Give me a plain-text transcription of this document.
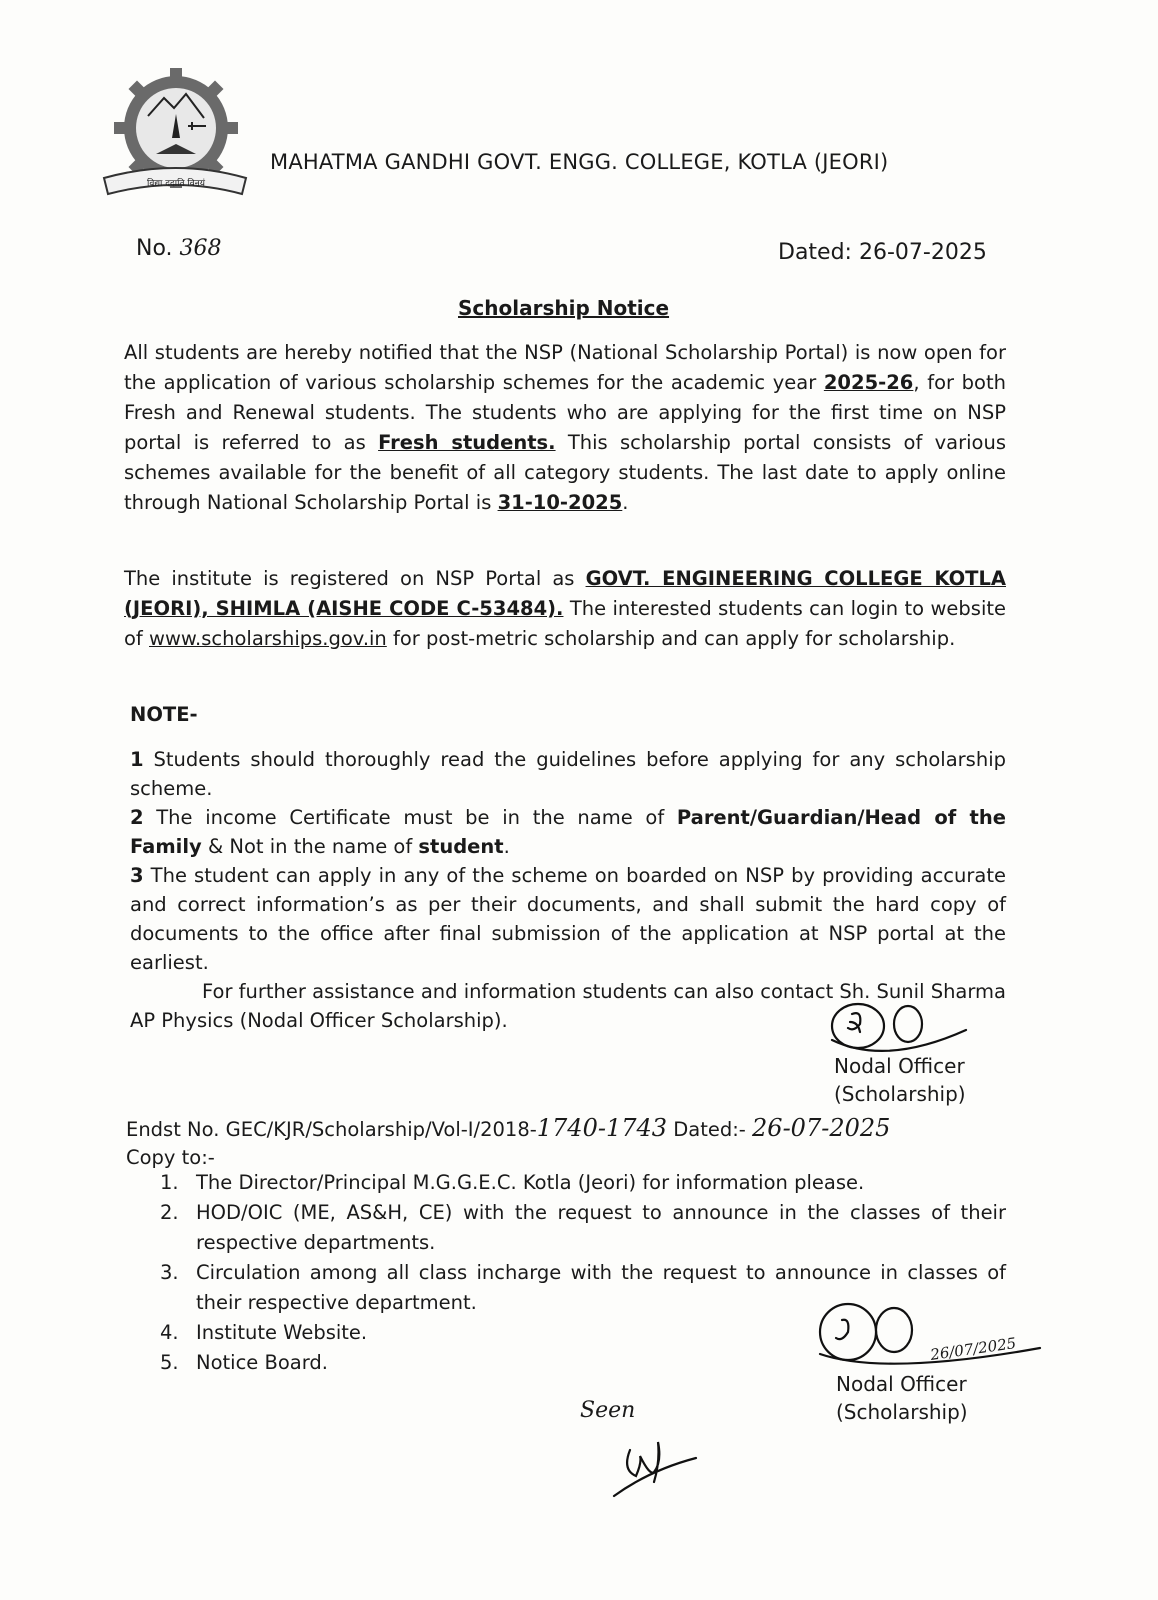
विद्या ददाति विनयं
MAHATMA GANDHI GOVT. ENGG. COLLEGE, KOTLA (JEORI)
No. 368	Dated: 26-07-2025
Scholarship Notice
All students are hereby notified that the NSP (National Scholarship Portal) is now open for the application of various scholarship schemes for the academic year 2025-26, for both Fresh and Renewal students. The students who are applying for the first time on NSP portal is referred to as Fresh students. This scholarship portal consists of various schemes available for the benefit of all category students. The last date to apply online through National Scholarship Portal is 31-10-2025.
The institute is registered on NSP Portal as GOVT. ENGINEERING COLLEGE KOTLA (JEORI), SHIMLA (AISHE CODE C-53484). The interested students can login to website of www.scholarships.gov.in for post-metric scholarship and can apply for scholarship.
NOTE-

1 Students should thoroughly read the guidelines before applying for any scholarship scheme.

2 The income Certificate must be in the name of Parent/Guardian/Head of the Family & Not in the name of student.

3 The student can apply in any of the scheme on boarded on NSP by providing accurate and correct information’s as per their documents, and shall submit the hard copy of documents to the office after final submission of the application at NSP portal at the earliest.

For further assistance and information students can also contact Sh. Sunil Sharma AP Physics (Nodal Officer Scholarship).

Nodal Officer
(Scholarship)
Endst No. GEC/KJR/Scholarship/Vol-I/2018-1740-1743 Dated:- 26-07-2025
Copy to:-
1. The Director/Principal M.G.G.E.C. Kotla (Jeori) for information please.
2. HOD/OIC (ME, AS&H, CE) with the request to announce in the classes of their respective departments.
3. Circulation among all class incharge with the request to announce in classes of their respective department.
4. Institute Website.
5. Notice Board.	26/07/2025
Nodal Officer
(Scholarship)
Seen
